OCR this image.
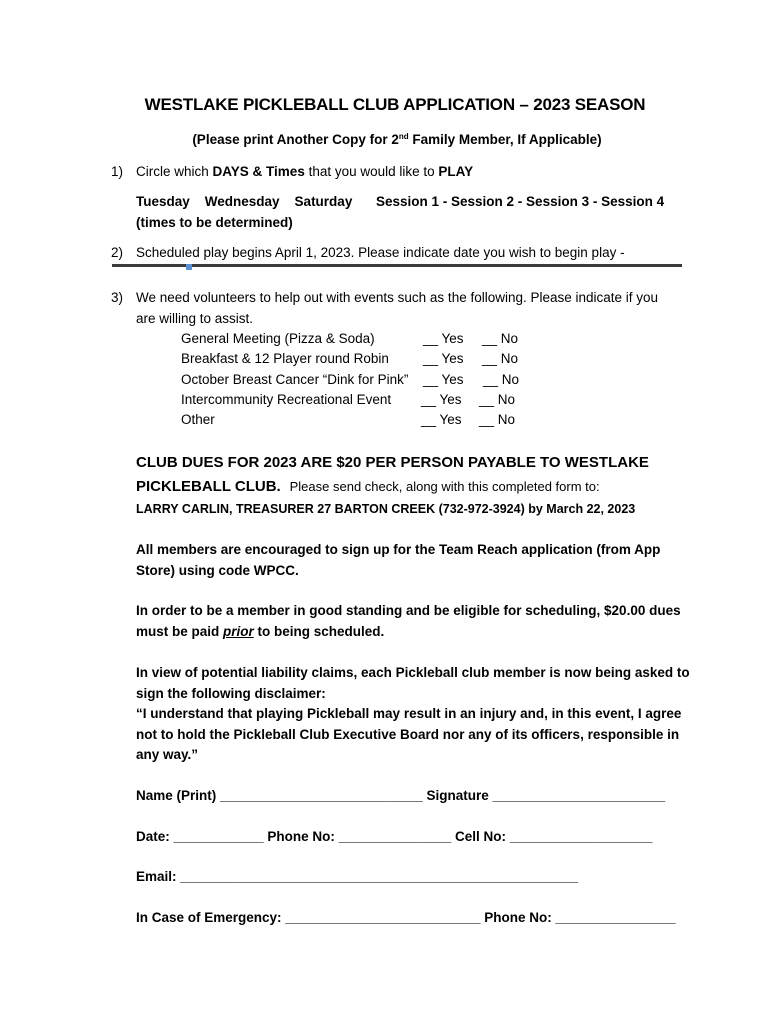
WESTLAKE PICKLEBALL CLUB APPLICATION – 2023 SEASON
(Please print Another Copy for 2nd Family Member, If Applicable)
1) Circle which DAYS & Times that you would like to PLAY
Tuesday    Wednesday    Saturday Session 1 - Session 2 - Session 3 - Session 4
(times to be determined)
2) Scheduled play begins April 1, 2023. Please indicate date you wish to begin play -
3) We need volunteers to help out with events such as the following. Please indicate if you
are willing to assist.
General Meeting (Pizza & Soda)	__ Yes __ No
Breakfast & 12 Player round Robin	__ Yes __ No
October Breast Cancer “Dink for Pink” __ Yes __ No
Intercommunity Recreational Event __ Yes __ No
Other	__ Yes __ No
CLUB DUES FOR 2023 ARE $20 PER PERSON PAYABLE TO WESTLAKE
PICKLEBALL CLUB. Please send check, along with this completed form to:
LARRY CARLIN, TREASURER 27 BARTON CREEK (732-972-3924) by March 22, 2023
All members are encouraged to sign up for the Team Reach application (from App
Store) using code WPCC.
In order to be a member in good standing and be eligible for scheduling, $20.00 dues
must be paid prior to being scheduled.
In view of potential liability claims, each Pickleball club member is now being asked to
sign the following disclaimer:
“I understand that playing Pickleball may result in an injury and, in this event, I agree
not to hold the Pickleball Club Executive Board nor any of its officers, responsible in
any way.”
Name (Print) ___________________________ Signature _______________________
Date: ____________ Phone No: _______________ Cell No: ___________________
Email: _____________________________________________________
In Case of Emergency: __________________________ Phone No: ________________
